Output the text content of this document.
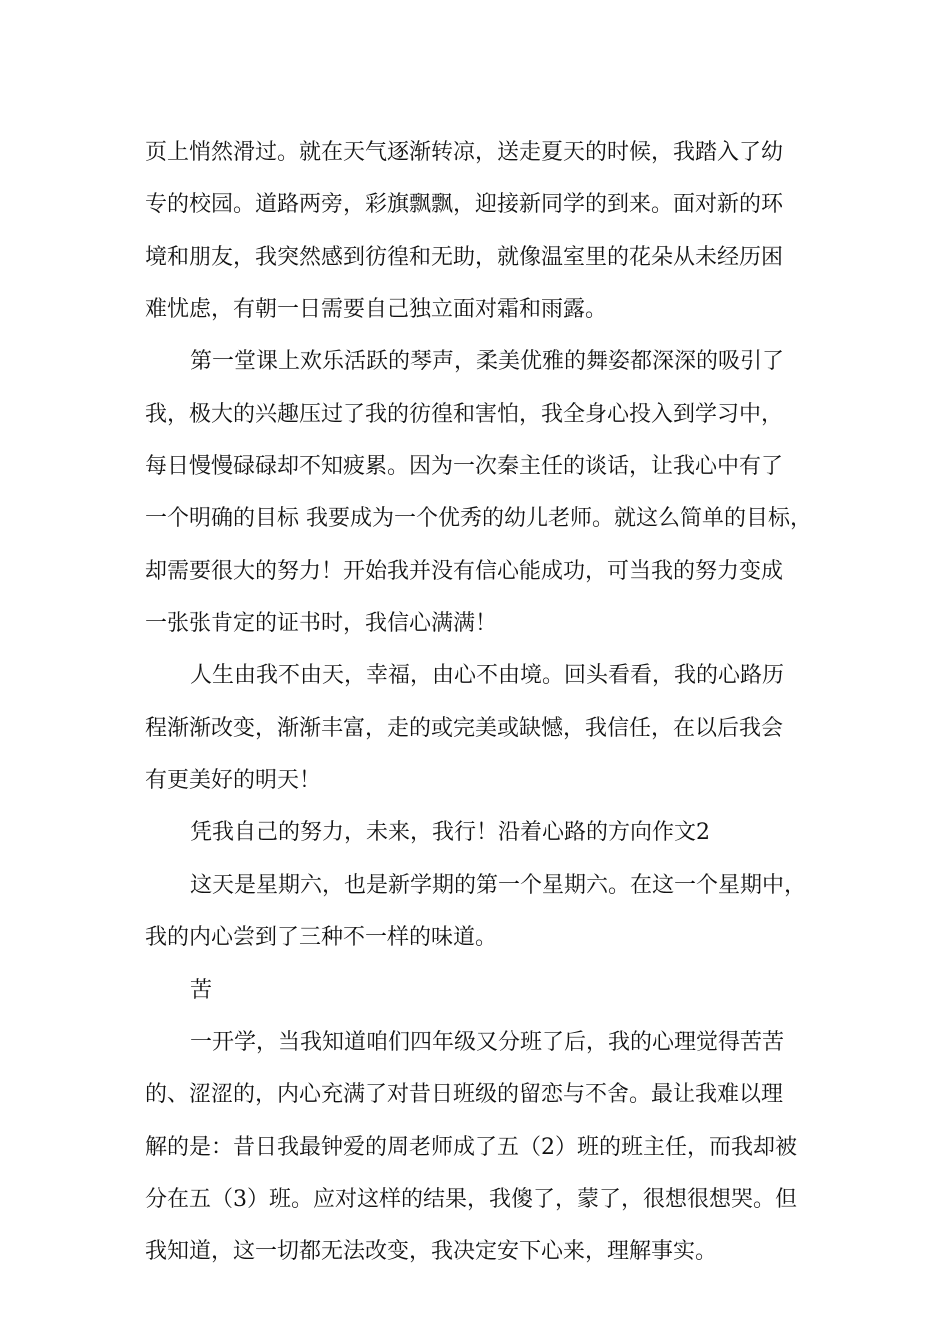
页上悄然滑过。就在天气逐渐转凉，送走夏天的时候，我踏入了幼
专的校园。道路两旁，彩旗飘飘，迎接新同学的到来。面对新的环
境和朋友，我突然感到彷徨和无助，就像温室里的花朵从未经历困
难忧虑，有朝一日需要自己独立面对霜和雨露。
第一堂课上欢乐活跃的琴声，柔美优雅的舞姿都深深的吸引了
我，极大的兴趣压过了我的彷徨和害怕，我全身心投入到学习中，
每日慢慢碌碌却不知疲累。因为一次秦主任的谈话，让我心中有了
一个明确的目标 我要成为一个优秀的幼儿老师。就这么简单的目标，
却需要很大的努力！开始我并没有信心能成功，可当我的努力变成
一张张肯定的证书时，我信心满满！
人生由我不由天，幸福，由心不由境。回头看看，我的心路历
程渐渐改变，渐渐丰富，走的或完美或缺憾，我信任，在以后我会
有更美好的明天！
凭我自己的努力，未来，我行！沿着心路的方向作文2
这天是星期六，也是新学期的第一个星期六。在这一个星期中，
我的内心尝到了三种不一样的味道。
苦
一开学，当我知道咱们四年级又分班了后，我的心理觉得苦苦
的、涩涩的，内心充满了对昔日班级的留恋与不舍。最让我难以理
解的是：昔日我最钟爱的周老师成了五（2）班的班主任，而我却被
分在五（3）班。应对这样的结果，我傻了，蒙了，很想很想哭。但
我知道，这一切都无法改变，我决定安下心来，理解事实。
